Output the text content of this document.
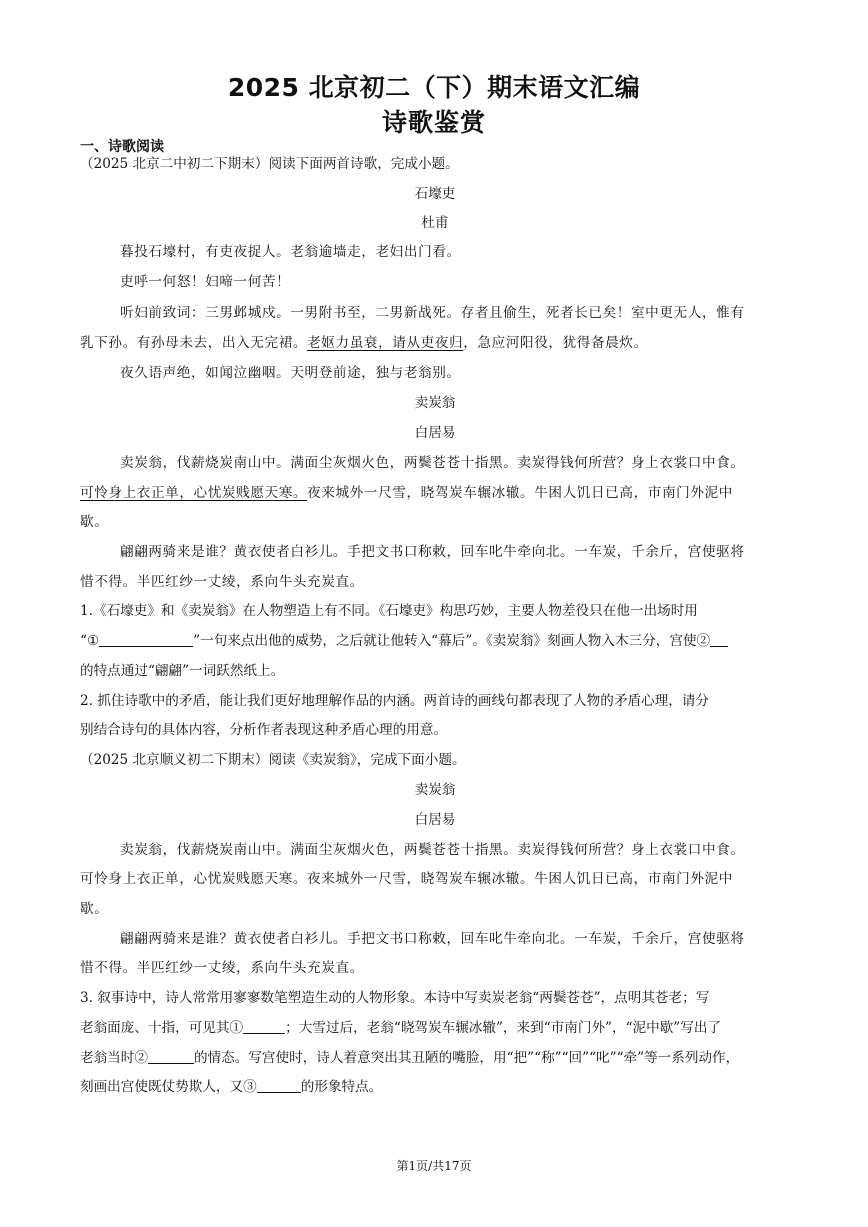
2025 北京初二（下）期末语文汇编
诗歌鉴赏
一、诗歌阅读
（2025 北京二中初二下期末）阅读下面两首诗歌，完成小题。
石壕吏
杜甫
暮投石壕村，有吏夜捉人。老翁逾墙走，老妇出门看。
吏呼一何怒！妇啼一何苦！
听妇前致词：三男邺城戍。一男附书至，二男新战死。存者且偷生，死者长已矣！室中更无人，惟有
乳下孙。有孙母未去，出入无完裙。老妪力虽衰，请从吏夜归，急应河阳役，犹得备晨炊。
夜久语声绝，如闻泣幽咽。天明登前途，独与老翁别。
卖炭翁
白居易
卖炭翁，伐薪烧炭南山中。满面尘灰烟火色，两鬓苍苍十指黑。卖炭得钱何所营？身上衣裳口中食。
可怜身上衣正单，心忧炭贱愿天寒。夜来城外一尺雪，晓驾炭车辗冰辙。牛困人饥日已高，市南门外泥中
歇。
翩翩两骑来是谁？黄衣使者白衫儿。手把文书口称敕，回车叱牛牵向北。一车炭，千余斤，宫使驱将
惜不得。半匹红纱一丈绫，系向牛头充炭直。
1.《石壕吏》和《卖炭翁》在人物塑造上有不同。《石壕吏》构思巧妙，主要人物差役只在他一出场时用
“①	”一句来点出他的威势，之后就让他转入“幕后”。《卖炭翁》刻画人物入木三分，宫使②
的特点通过“翩翩”一词跃然纸上。
2. 抓住诗歌中的矛盾，能让我们更好地理解作品的内涵。两首诗的画线句都表现了人物的矛盾心理，请分
别结合诗句的具体内容，分析作者表现这种矛盾心理的用意。
（2025 北京顺义初二下期末）阅读《卖炭翁》，完成下面小题。
卖炭翁
白居易
卖炭翁，伐薪烧炭南山中。满面尘灰烟火色，两鬓苍苍十指黑。卖炭得钱何所营？身上衣裳口中食。
可怜身上衣正单，心忧炭贱愿天寒。夜来城外一尺雪，晓驾炭车辗冰辙。牛困人饥日已高，市南门外泥中
歇。
翩翩两骑来是谁？黄衣使者白衫儿。手把文书口称敕，回车叱牛牵向北。一车炭，千余斤，宫使驱将
惜不得。半匹红纱一丈绫，系向牛头充炭直。
3. 叙事诗中，诗人常常用寥寥数笔塑造生动的人物形象。本诗中写卖炭老翁“两鬓苍苍”，点明其苍老；写
老翁面庞、十指，可见其①	；大雪过后，老翁“晓驾炭车辗冰辙”，来到“市南门外”，“泥中歇”写出了
老翁当时②	的情态。写宫使时，诗人着意突出其丑陋的嘴脸，用“把”“称”“回”“叱”“牵”等一系列动作，
刻画出宫使既仗势欺人，又③	的形象特点。
第1页/共17页
